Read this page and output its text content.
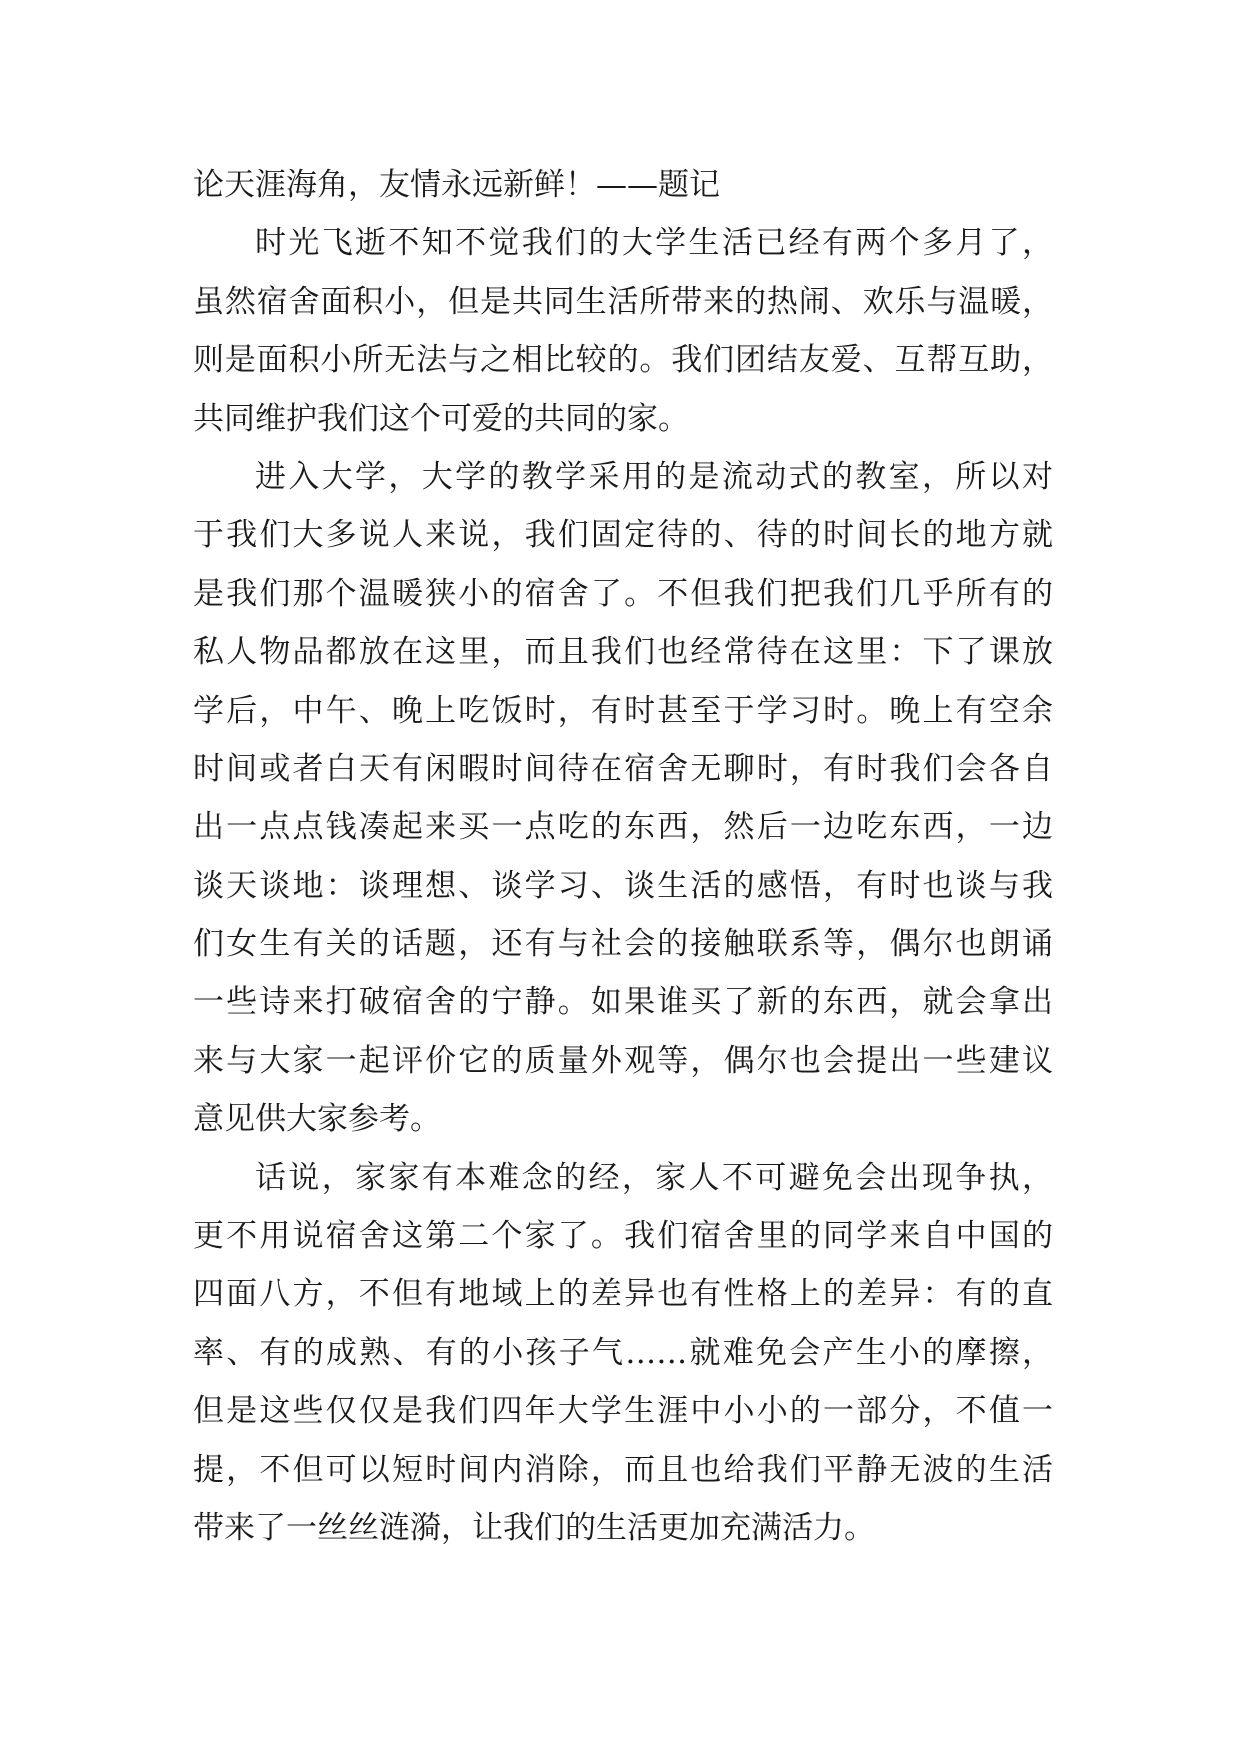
论天涯海角，友情永远新鲜！——题记
时光飞逝不知不觉我们的大学生活已经有两个多月了，
虽然宿舍面积小，但是共同生活所带来的热闹、欢乐与温暖，
则是面积小所无法与之相比较的。我们团结友爱、互帮互助，
共同维护我们这个可爱的共同的家。
进入大学，大学的教学采用的是流动式的教室，所以对
于我们大多说人来说，我们固定待的、待的时间长的地方就
是我们那个温暖狭小的宿舍了。不但我们把我们几乎所有的
私人物品都放在这里，而且我们也经常待在这里：下了课放
学后，中午、晚上吃饭时，有时甚至于学习时。晚上有空余
时间或者白天有闲暇时间待在宿舍无聊时，有时我们会各自
出一点点钱凑起来买一点吃的东西，然后一边吃东西，一边
谈天谈地：谈理想、谈学习、谈生活的感悟，有时也谈与我
们女生有关的话题，还有与社会的接触联系等，偶尔也朗诵
一些诗来打破宿舍的宁静。如果谁买了新的东西，就会拿出
来与大家一起评价它的质量外观等，偶尔也会提出一些建议
意见供大家参考。
话说，家家有本难念的经，家人不可避免会出现争执，
更不用说宿舍这第二个家了。我们宿舍里的同学来自中国的
四面八方，不但有地域上的差异也有性格上的差异：有的直
率、有的成熟、有的小孩子气……就难免会产生小的摩擦，
但是这些仅仅是我们四年大学生涯中小小的一部分，不值一
提，不但可以短时间内消除，而且也给我们平静无波的生活
带来了一丝丝涟漪，让我们的生活更加充满活力。
